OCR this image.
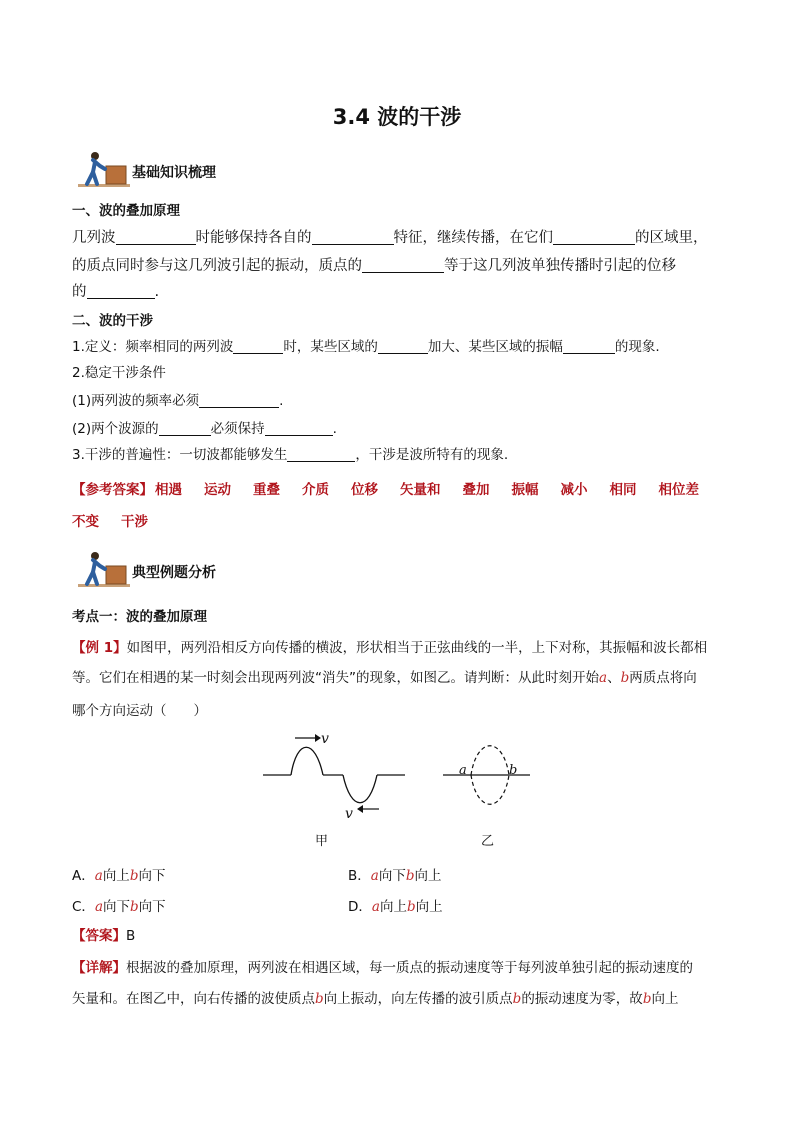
3.4 波的干涉
基础知识梳理
一、波的叠加原理
几列波	时能够保持各自的	特征，继续传播，在它们	的区域里，
的质点同时参与这几列波引起的振动，质点的	等于这几列波单独传播时引起的位移
的	.
二、波的干涉
1.定义：频率相同的两列波	时，某些区域的	加大、某些区域的振幅	的现象.
2.稳定干涉条件
(1)两列波的频率必须	.
(2)两个波源的	必须保持	.
3.干涉的普遍性：一切波都能够发生	，干涉是波所特有的现象.
【参考答案】 相遇 运动 重叠 介质 位移 矢量和 叠加 振幅 减小 相同 相位差
不变 干涉
典型例题分析
考点一：波的叠加原理
【例 1】如图甲，两列沿相反方向传播的横波，形状相当于正弦曲线的一半，上下对称，其振幅和波长都相
等。它们在相遇的某一时刻会出现两列波“消失”的现象，如图乙。请判断：从此时刻开始a、b两质点将向
哪个方向运动（　　）
v
v
甲
a	b
乙
A．a向上b向下	B．a向下b向上
C．a向下b向下	D．a向上b向上
【答案】B
【详解】根据波的叠加原理，两列波在相遇区域，每一质点的振动速度等于每列波单独引起的振动速度的
矢量和。在图乙中，向右传播的波使质点b向上振动，向左传播的波引质点b的振动速度为零，故b向上
